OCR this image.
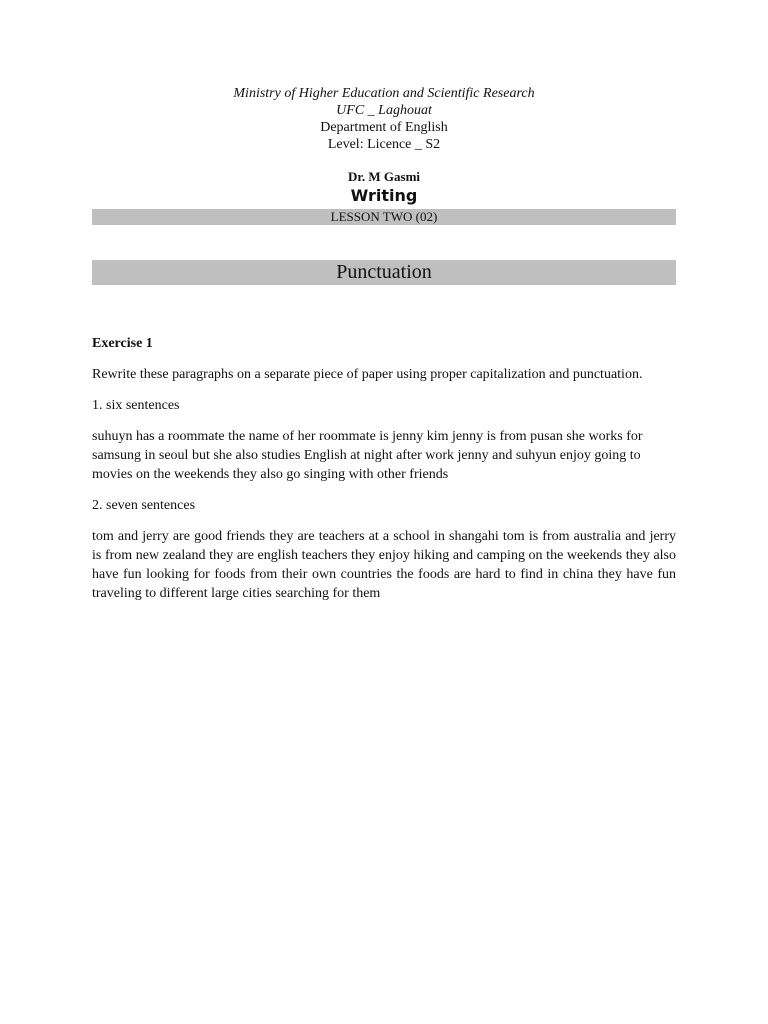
Ministry of Higher Education and Scientific Research
UFC _ Laghouat
Department of English
Level: Licence _ S2
Dr. M Gasmi
Writing
LESSON TWO (02)
Punctuation

Exercise 1

Rewrite these paragraphs on a separate piece of paper using proper capitalization and punctuation.

1. six sentences

suhuyn has a roommate the name of her roommate is jenny kim jenny is from pusan she works for samsung in seoul but she also studies English at night after work jenny and suhyun enjoy going to movies on the weekends they also go singing with other friends

2. seven sentences

tom and jerry are good friends they are teachers at a school in shangahi tom is from australia and jerry is from new zealand they are english teachers they enjoy hiking and camping on the weekends they also have fun looking for foods from their own countries the foods are hard to find in china they have fun traveling to different large cities searching for them
